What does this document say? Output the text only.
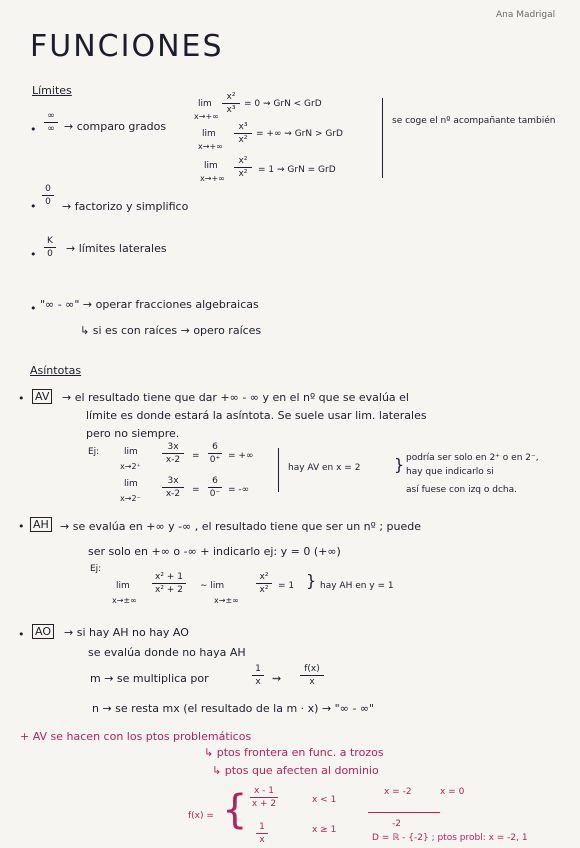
Ana Madrigal
FUNCIONES
Límites
•
∞
∞ → comparo grados
lim
x→+∞
x²
x³
= 0 ⇝ GrN < GrD
lim
x→+∞
x³
x²
= +∞ ⇝ GrN > GrD
lim
x→+∞
x²
x² = 1 ⇝ GrN = GrD
se coge el nº acompañante también
•
0
0 → factorizo y simplifico
•
K
0 → límites laterales
• "∞ - ∞" → operar fracciones algebraicas
↳ si es con raíces → opero raíces
Asíntotas
• AV → el resultado tiene que dar +∞ - ∞ y en el nº que se evalúa el
límite es donde estará la asíntota. Se suele usar lim. laterales
pero no siempre.
Ej:	lim
x→2⁺
3x
x-2 =
6
0⁺ = +∞
lim
x→2⁻
3x
x-2 =
6
0⁻ = -∞
hay AV en x = 2 } podría ser solo en 2⁺ o en 2⁻,
hay que indicarlo si
así fuese con izq o dcha.
• AH → se evalúa en +∞ y -∞ , el resultado tiene que ser un nº ; puede
ser solo en +∞ o -∞ + indicarlo ej: y = 0 (+∞)
Ej:
lim
x→±∞
x² + 1
x² + 2 ∼ lim
x→±∞
x²
x² = 1 } hay AH en y = 1
• AO → si hay AH no hay AO
se evalúa donde no haya AH
m → se multiplica por
1
x ⇝
f(x)
x
n → se resta mx (el resultado de la m · x) → "∞ - ∞"
+ AV se hacen con los ptos problemáticos
↳ ptos frontera en func. a trozos
↳ ptos que afecten al dominio
f(x) = { x - 1
x + 2	x < 1
1
x
x ≥ 1
x = -2	x = 0
-2
D = ℝ - {-2} ; ptos probl: x = -2, 1
